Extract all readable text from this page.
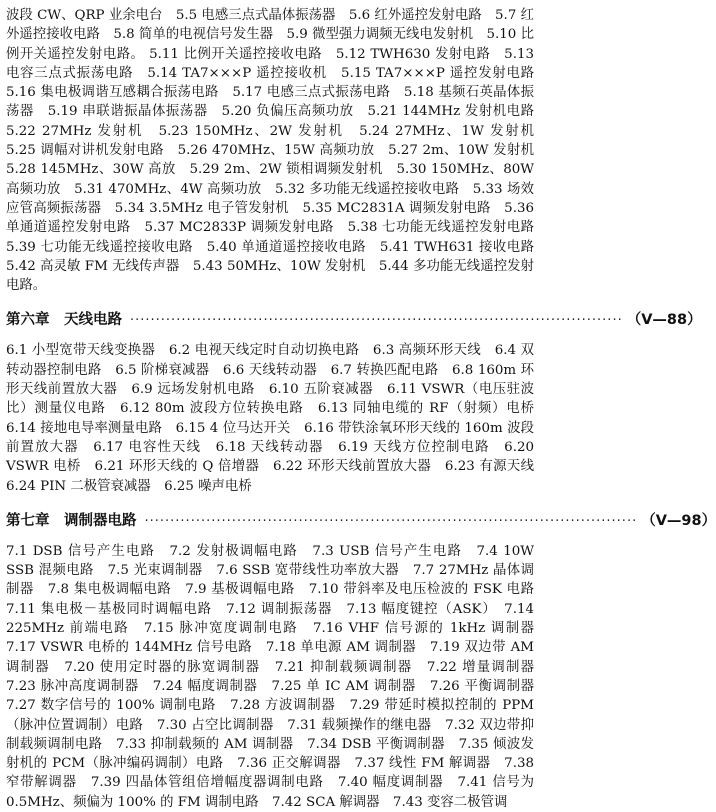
波段 CW、QRP 业余电台　5.5 电感三点式晶体振荡器　5.6 红外遥控发射电路　5.7 红外遥控接收电路　5.8 简单的电视信号发生器　5.9 微型强力调频无线电发射机　5.10 比例开关遥控发射电路。 5.11 比例开关遥控接收电路　5.12 TWH630 发射电路　5.13 电容三点式振荡电路　5.14 TA7×××P 遥控接收机　5.15 TA7×××P 遥控发射电路　5.16 集电极调谐互感耦合振荡电路　5.17 电感三点式振荡电路　5.18 基频石英晶体振荡器　5.19 串联谐振晶体振荡器　5.20 负偏压高频功放　5.21 144MHz 发射机电路　5.22 27MHz 发射机　5.23 150MHz、2W 发射机　5.24 27MHz、1W 发射机　5.25 调幅对讲机发射电路　5.26 470MHz、15W 高频功放　5.27 2m、10W 发射机　5.28 145MHz、30W 高放　5.29 2m、2W 锁相调频发射机　5.30 150MHz、80W 高频功放　5.31 470MHz、4W 高频功放　5.32 多功能无线遥控接收电路　5.33 场效应管高频振荡器　5.34 3.5MHz 电子管发射机　5.35 MC2831A 调频发射电路　5.36 单通道遥控发射电路　5.37 MC2833P 调频发射电路　5.38 七功能无线遥控发射电路　5.39 七功能无线遥控接收电路　5.40 单通道遥控接收电路　5.41 TWH631 接收电路　5.42 高灵敏 FM 无线传声器　5.43 50MHz、10W 发射机　5.44 多功能无线遥控发射电路。

第六章　天线电路 ·····	（V—88）

6.1 小型宽带天线变换器　6.2 电视天线定时自动切换电路　6.3 高频环形天线　6.4 双转动器控制电路　6.5 阶梯衰减器　6.6 天线转动器　6.7 转换匹配电路　6.8 160m 环形天线前置放大器　6.9 远场发射机电路　6.10 五阶衰减器　6.11 VSWR（电压驻波比）测量仪电路　6.12 80m 波段方位转换电路　6.13 同轴电缆的 RF（射频）电桥　6.14 接地电导率测量电路　6.15 4 位马达开关　6.16 带铁涂氧环形天线的 160m 波段前置放大器　6.17 电容性天线　6.18 天线转动器　6.19 天线方位控制电路　6.20 VSWR 电桥　6.21 环形天线的 Q 倍增器　6.22 环形天线前置放大器　6.23 有源天线　6.24 PIN 二极管衰减器　6.25 噪声电桥

第七章　调制器电路 ·····	（V—98）

7.1 DSB 信号产生电路　7.2 发射极调幅电路　7.3 USB 信号产生电路　7.4 10W SSB 混频电路　7.5 光束调制器　7.6 SSB 宽带线性功率放大器　7.7 27MHz 晶体调制器　7.8 集电极调幅电路　7.9 基极调幅电路　7.10 带斜率及电压检波的 FSK 电路　7.11 集电极－基极同时调幅电路　7.12 调制振荡器　7.13 幅度键控（ASK）　7.14 225MHz 前端电路　7.15 脉冲宽度调制电路　7.16 VHF 信号源的 1kHz 调制器　7.17 VSWR 电桥的 144MHz 信号电路　7.18 单电源 AM 调制器　7.19 双边带 AM 调制器　7.20 使用定时器的脉宽调制器　7.21 抑制载频调制器　7.22 增量调制器　7.23 脉冲高度调制器　7.24 幅度调制器　7.25 单 IC AM 调制器　7.26 平衡调制器　7.27 数字信号的 100% 调制电路　7.28 方波调制器　7.29 带延时模拟控制的 PPM（脉冲位置调制）电路　7.30 占空比调制器　7.31 载频操作的继电器　7.32 双边带抑制载频调制电路　7.33 抑制载频的 AM 调制器　7.34 DSB 平衡调制器　7.35 倾波发射机的 PCM（脉冲编码调制）电路　7.36 正交解调器　7.37 线性 FM 解调器　7.38 窄带解调器　7.39 四晶体管组倍增幅度器调制电路　7.40 幅度调制器　7.41 信号为 0.5MHz、频偏为 100% 的 FM 调制电路　7.42 SCA 解调器　7.43 变容二极管调
